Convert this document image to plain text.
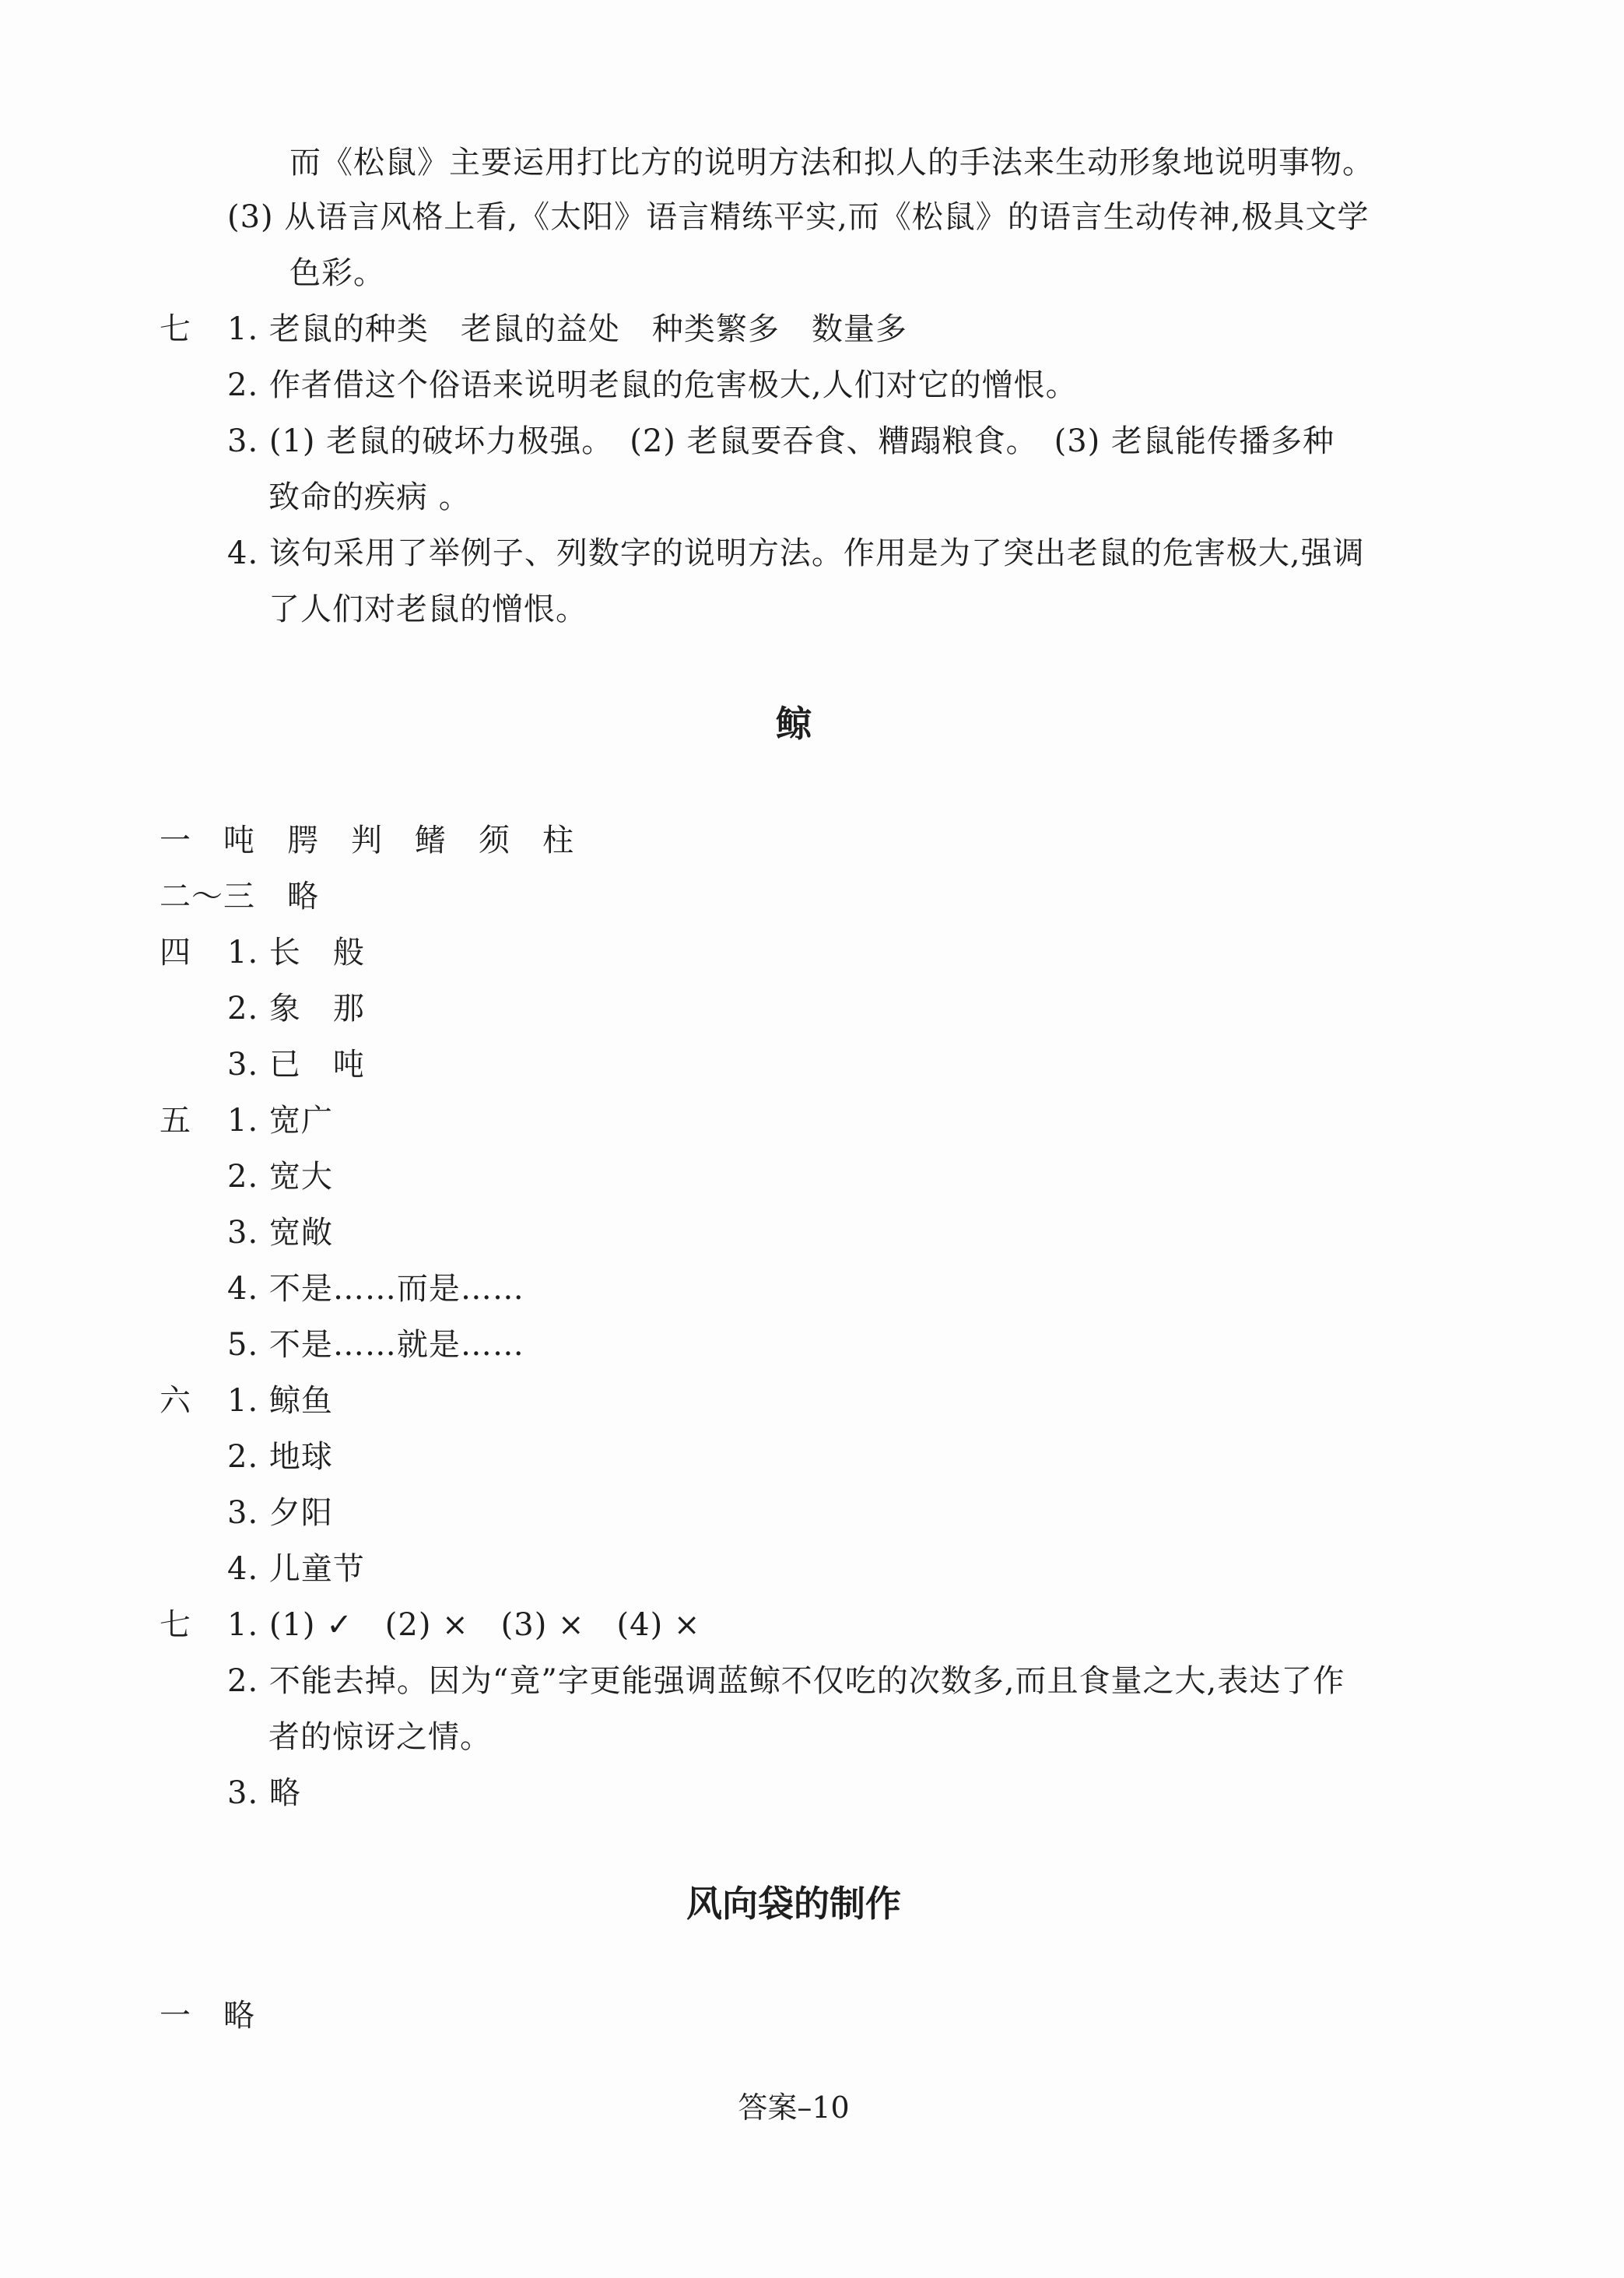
而《松鼠》主要运用打比方的说明方法和拟人的手法来生动形象地说明事物。
(3) 从语言风格上看,《太阳》语言精练平实,而《松鼠》的语言生动传神,极具文学
色彩。
七 1. 老鼠的种类　老鼠的益处　种类繁多　数量多
2. 作者借这个俗语来说明老鼠的危害极大,人们对它的憎恨。
3. (1) 老鼠的破坏力极强。　(2) 老鼠要吞食、糟蹋粮食。　(3) 老鼠能传播多种
致命的疾病 。
4. 该句采用了举例子、列数字的说明方法。作用是为了突出老鼠的危害极大,强调
了人们对老鼠的憎恨。
鲸
一　吨　腭　判　鳍　须　柱
二～三　略
四 1. 长　般
2. 象　那
3. 已　吨
五 1. 宽广
2. 宽大
3. 宽敞
4. 不是……而是……
5. 不是……就是……
六 1. 鲸鱼
2. 地球
3. 夕阳
4. 儿童节
七 1. (1) ✓　(2) ×　(3) ×　(4) ×
2. 不能去掉。因为“竟”字更能强调蓝鲸不仅吃的次数多,而且食量之大,表达了作
者的惊讶之情。
3. 略
风向袋的制作
一　略
答案–10
